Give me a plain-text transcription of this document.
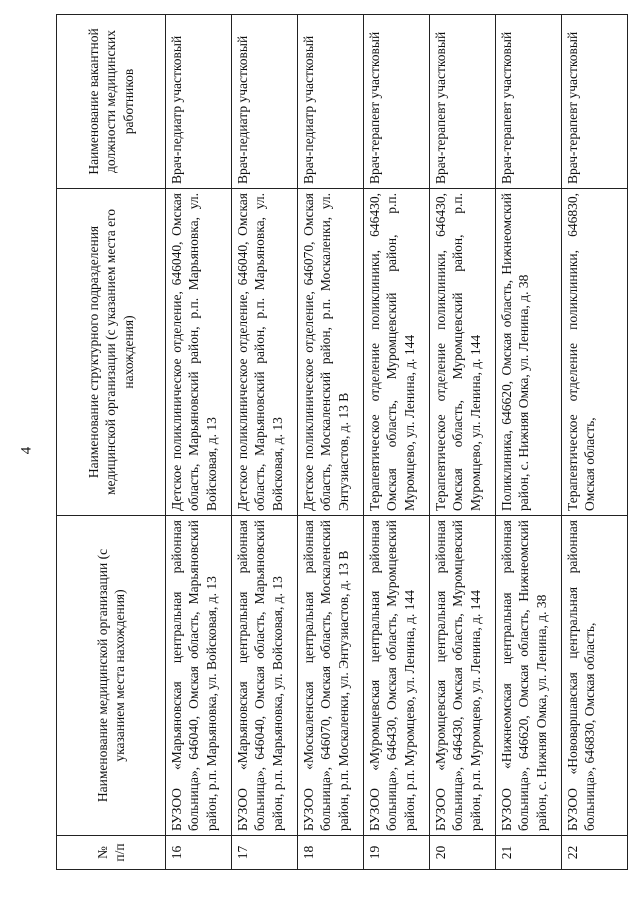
4
№ п/п	Наименование медицинской организации (с указанием места нахождения)	Наименование структурного подразделения медицинской организации (с указанием места его нахождения)	Наименование вакантной должности медицинских работников
16	БУЗОО «Марьяновская центральная районная больница», 646040, Омская область, Марьяновский район, р.п. Марьяновка, ул. Войсковая, д. 13	Детское поликлиническое отделение, 646040, Омская область, Марьяновский район, р.п. Марьяновка, ул. Войсковая, д. 13	Врач-педиатр участковый
17	БУЗОО «Марьяновская центральная районная больница», 646040, Омская область, Марьяновский район, р.п. Марьяновка, ул. Войсковая, д. 13	Детское поликлиническое отделение, 646040, Омская область, Марьяновский район, р.п. Марьяновка, ул. Войсковая, д. 13	Врач-педиатр участковый
18	БУЗОО «Москаленская центральная районная больница», 646070, Омская область, Москаленский район, р.п. Москаленки, ул. Энтузиастов, д. 13 В	Детское поликлиническое отделение, 646070, Омская область, Москаленский район, р.п. Москаленки, ул. Энтузиастов, д. 13 В	Врач-педиатр участковый
19	БУЗОО «Муромцевская центральная районная больница», 646430, Омская область, Муромцевский район, р.п. Муромцево, ул. Ленина, д. 144	Терапевтическое отделение поликлиники, 646430, Омская область, Муромцевский район, р.п. Муромцево, ул. Ленина, д. 144	Врач-терапевт участковый
20	БУЗОО «Муромцевская центральная районная больница», 646430, Омская область, Муромцевский район, р.п. Муромцево, ул. Ленина, д. 144	Терапевтическое отделение поликлиники, 646430, Омская область, Муромцевский район, р.п. Муромцево, ул. Ленина, д. 144	Врач-терапевт участковый
21	БУЗОО «Нижнеомская центральная районная больница», 646620, Омская область, Нижнеомский район, с. Нижняя Омка, ул. Ленина, д. 38	Поликлиника, 646620, Омская область, Нижнеомский район, с. Нижняя Омка, ул. Ленина, д. 38	Врач-терапевт участковый
22	БУЗОО «Нововаршавская центральная районная больница», 646830, Омская область,	Терапевтическое отделение поликлиники, 646830, Омская область,	Врач-терапевт участковый
